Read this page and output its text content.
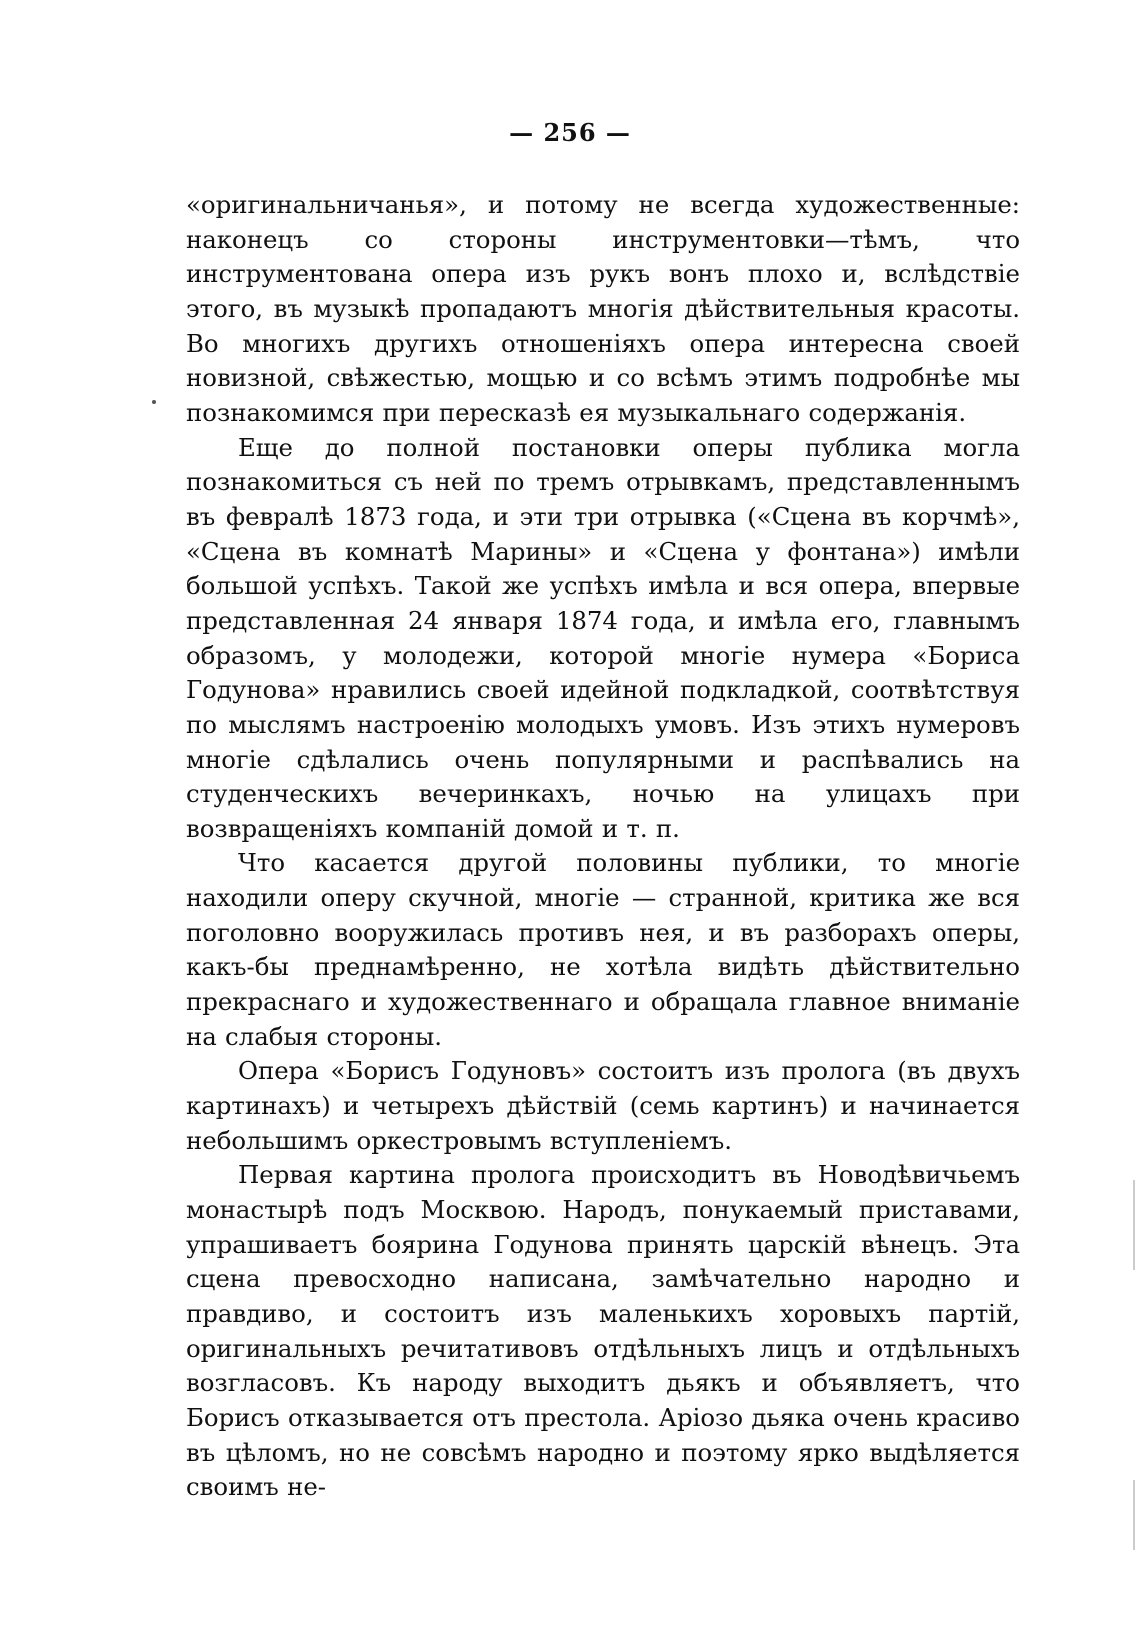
— 256 —

«оригинальничанья», и потому не всегда художественные: наконецъ со стороны инструментовки—тѣмъ, что инструментована опера изъ рукъ вонъ плохо и, вслѣдствіе этого, въ музыкѣ пропадаютъ многія дѣйствительныя красоты. Во многихъ другихъ отношеніяхъ опера интересна своей новизной, свѣжестью, мощью и со всѣмъ этимъ подробнѣе мы познакомимся при пересказѣ ея музыкальнаго содержанія.

Еще до полной постановки оперы публика могла познакомиться съ ней по тремъ отрывкамъ, представленнымъ въ февралѣ 1873 года, и эти три отрывка («Сцена въ корчмѣ», «Сцена въ комнатѣ Марины» и «Сцена у фонтана») имѣли большой успѣхъ. Такой же успѣхъ имѣла и вся опера, впервые представленная 24 января 1874 года, и имѣла его, главнымъ образомъ, у молодежи, которой многіе нумера «Бориса Годунова» нравились своей идейной подкладкой, соотвѣтствуя по мыслямъ настроенію молодыхъ умовъ. Изъ этихъ нумеровъ многіе сдѣлались очень популярными и распѣвались на студенческихъ вечеринкахъ, ночью на улицахъ при возвращеніяхъ компаній домой и т. п.

Что касается другой половины публики, то многіе находили оперу скучной, многіе — странной, критика же вся поголовно вооружилась противъ нея, и въ разборахъ оперы, какъ-бы преднамѣренно, не хотѣла видѣть дѣйствительно прекраснаго и художественнаго и обращала главное вниманіе на слабыя стороны.

Опера «Борисъ Годуновъ» состоитъ изъ пролога (въ двухъ картинахъ) и четырехъ дѣйствій (семь картинъ) и начинается небольшимъ оркестровымъ вступленіемъ.

Первая картина пролога происходитъ въ Новодѣвичьемъ монастырѣ подъ Москвою. Народъ, понукаемый приставами, упрашиваетъ боярина Годунова принять царскій вѣнецъ. Эта сцена превосходно написана, замѣчательно народно и правдиво, и состоитъ изъ маленькихъ хоровыхъ партій, оригинальныхъ речитативовъ отдѣльныхъ лицъ и отдѣльныхъ возгласовъ. Къ народу выходитъ дьякъ и объявляетъ, что Борисъ отказывается отъ престола. Аріозо дьяка очень красиво въ цѣломъ, но не совсѣмъ народно и поэтому ярко выдѣляется своимъ не-
